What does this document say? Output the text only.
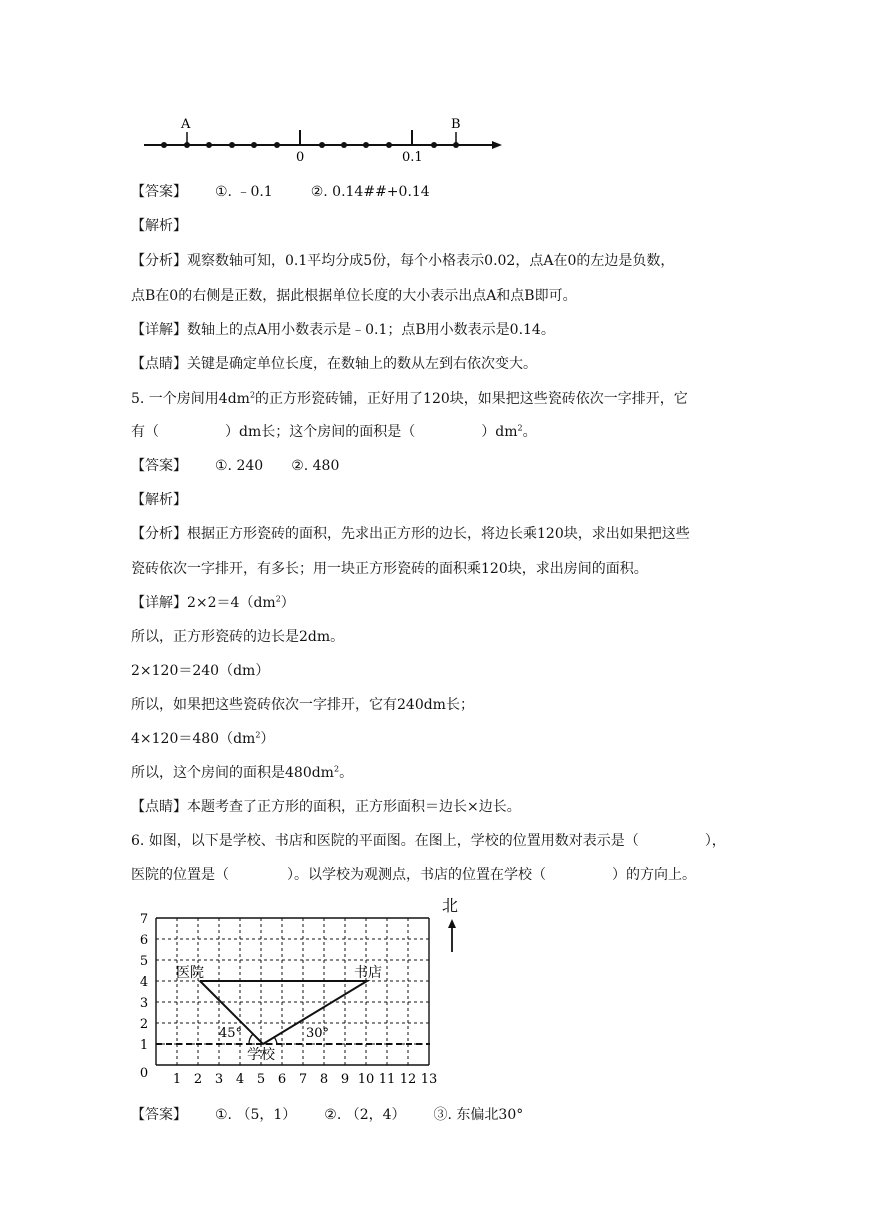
A	B
0	0.1
【答案】 ①. ﹣0.1	②. 0.14##+0.14
【解析】
【分析】观察数轴可知，0.1平均分成5份，每个小格表示0.02，点A在0的左边是负数，
点B在0的右侧是正数，据此根据单位长度的大小表示出点A和点B即可。
【详解】数轴上的点A用小数表示是﹣0.1；点B用小数表示是0.14。
【点睛】关键是确定单位长度，在数轴上的数从左到右依次变大。
5. 一个房间用$4dm^2$的正方形瓷砖铺，正好用了120块，如果把这些瓷砖依次一字排开，它
有（	）dm长；这个房间的面积是（	）$dm^2$。
【答案】 ①. 240 ②. 480
【解析】
【分析】根据正方形瓷砖的面积，先求出正方形的边长，将边长乘120块，求出如果把这些
瓷砖依次一字排开，有多长；用一块正方形瓷砖的面积乘120块，求出房间的面积。
【详解】$2\times 2=4(dm^2)$
所以，正方形瓷砖的边长是2dm。
2×120＝240（dm）
所以，如果把这些瓷砖依次一字排开，它有240dm长；
$4\times 120=480(dm^2)$
所以，这个房间的面积是$480dm^2$。
【点睛】本题考查了正方形的面积，正方形面积＝边长×边长。
6. 如图，以下是学校、书店和医院的平面图。在图上，学校的位置用数对表示是（	），
医院的位置是（	）。以学校为观测点，书店的位置在学校（	）的方向上。
1 2 3 4 5 6 7 8 9 10 11 12 13
0
1
2
3
4
5
6
7
医院	书店
学校
45°	30°
北
【答案】 ①. （5，1） ②. （2，4） ③. 东偏北30°
